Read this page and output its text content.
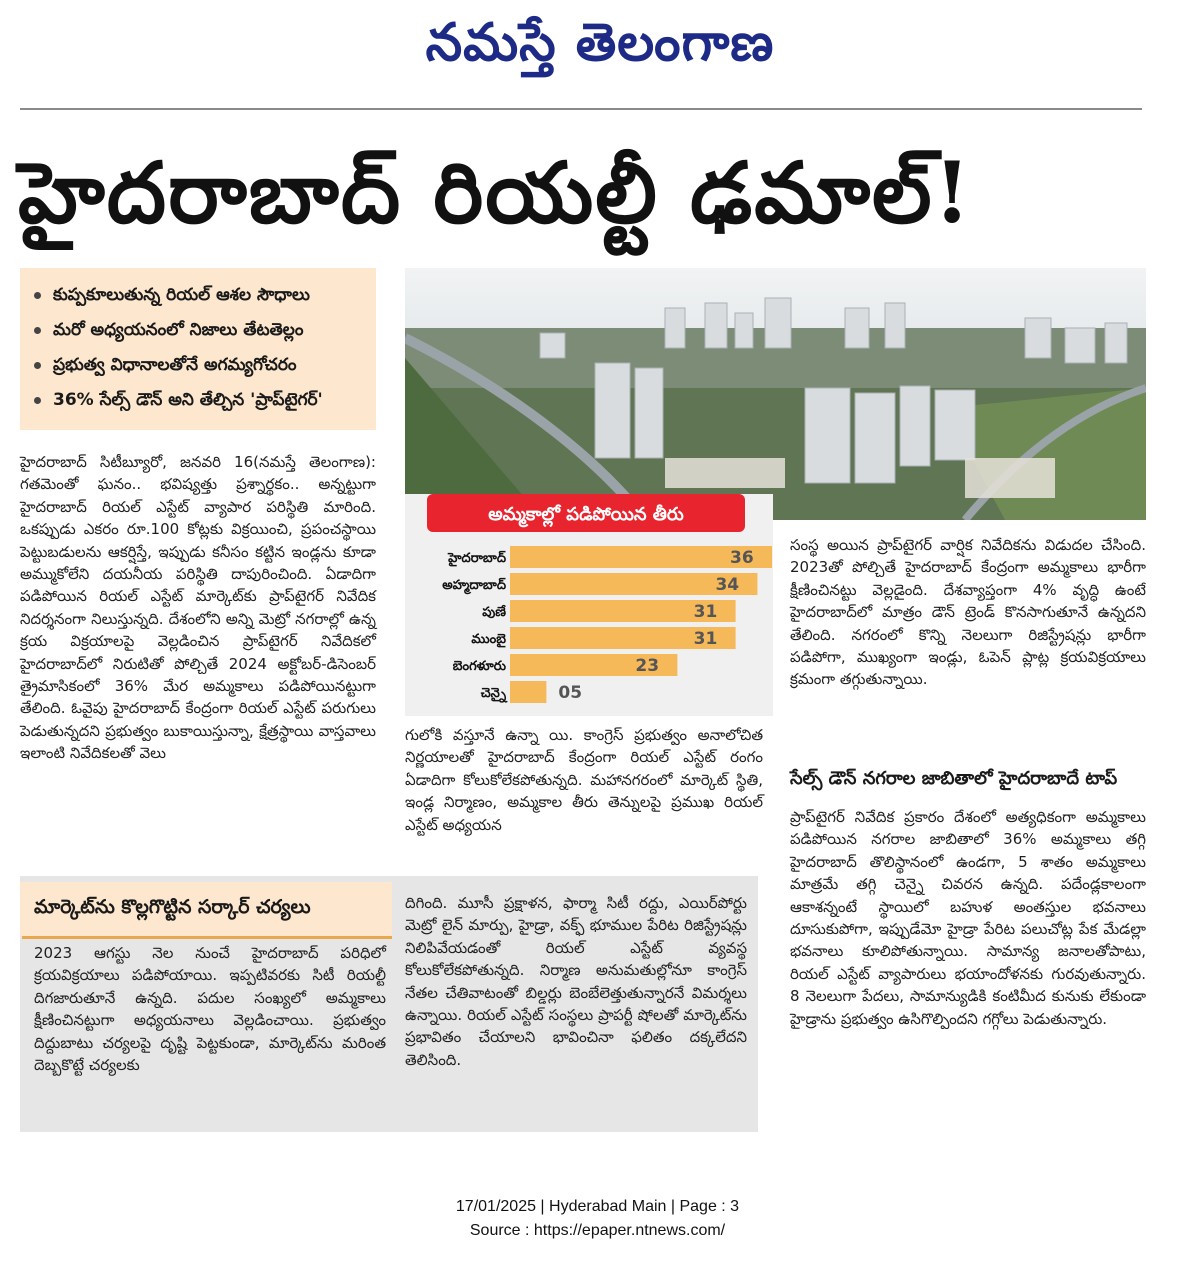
నమస్తే తెలంగాణ
హైదరాబాద్ రియల్టీ ఢమాల్!
కుప్పకూలుతున్న రియల్ ఆశల సౌధాలు
మరో అధ్యయనంలో నిజాలు తేటతెల్లం
ప్రభుత్వ విధానాలతోనే అగమ్యగోచరం
36% సేల్స్ డౌన్ అని తేల్చిన 'ప్రాప్‌టైగర్'

హైదరాబాద్ సిటీబ్యూరో, జనవరి 16(నమస్తే తెలంగాణ): గతమెంతో ఘనం.. భవిష్యత్తు ప్రశ్నార్థకం.. అన్నట్టుగా హైదరాబాద్ రియల్ ఎస్టేట్ వ్యాపార పరిస్థితి మారింది. ఒకప్పుడు ఎకరం రూ.100 కోట్లకు విక్రయించి, ప్రపంచస్థాయి పెట్టుబడులను ఆకర్షిస్తే, ఇప్పుడు కనీసం కట్టిన ఇండ్లను కూడా అమ్ముకోలేని దయనీయ పరిస్థితి దాపురించింది. ఏడాదిగా పడిపోయిన రియల్ ఎస్టేట్ మార్కెట్‌కు ప్రాప్‌టైగర్ నివేదిక నిదర్శనంగా నిలుస్తున్నది. దేశంలోని అన్ని మెట్రో నగరాల్లో ఉన్న క్రయ విక్రయాలపై వెల్లడించిన ప్రాప్‌టైగర్ నివేదికలో హైదరాబాద్‌లో నిరుటితో పోల్చితే 2024 అక్టోబర్-డిసెంబర్ త్రైమాసికంలో 36% మేర అమ్మకాలు పడిపోయినట్టుగా తేలింది. ఓవైపు హైదరాబాద్ కేంద్రంగా రియల్ ఎస్టేట్ పరుగులు పెడుతున్నదని ప్రభుత్వం బుకాయిస్తున్నా, క్షేత్రస్థాయి వాస్తవాలు ఇలాంటి నివేదికలతో వెలు

అమ్మకాల్లో పడిపోయిన తీరు
హైదరాబాద్	36
అహ్మదాబాద్	34
పుణే	31
ముంబై	31
బెంగళూరు	23
చెన్నై	05

గులోకి వస్తూనే ఉన్నా యి. కాంగ్రెస్ ప్రభుత్వం అనాలోచిత నిర్ణయాలతో హైదరాబాద్ కేంద్రంగా రియల్ ఎస్టేట్ రంగం ఏడాదిగా కోలుకోలేకపోతున్నది. మహానగరంలో మార్కెట్ స్థితి, ఇండ్ల నిర్మాణం, అమ్మకాల తీరు తెన్నులపై ప్రముఖ రియల్ ఎస్టేట్ అధ్యయన

మార్కెట్‌ను కొల్లగొట్టిన సర్కార్ చర్యలు

2023 ఆగస్టు నెల నుంచే హైదరాబాద్ పరిధిలో క్రయవిక్రయాలు పడిపోయాయి. ఇప్పటివరకు సిటీ రియల్టీ దిగజారుతూనే ఉన్నది. పదుల సంఖ్యలో అమ్మకాలు క్షీణించినట్టుగా అధ్యయనాలు వెల్లడించాయి. ప్రభుత్వం దిద్దుబాటు చర్యలపై దృష్టి పెట్టకుండా, మార్కెట్‌ను మరింత దెబ్బకొట్టే చర్యలకు

దిగింది. మూసీ ప్రక్షాళన, ఫార్మా సిటీ రద్దు, ఎయిర్‌పోర్టు మెట్రో లైన్ మార్పు, హైడ్రా, వక్ఫ్ భూముల పేరిట రిజిస్ట్రేషన్లు నిలిపివేయడంతో రియల్ ఎస్టేట్ వ్యవస్థ కోలుకోలేకపోతున్నది. నిర్మాణ అనుమతుల్లోనూ కాంగ్రెస్ నేతల చేతివాటంతో బిల్డర్లు బెంబేలెత్తుతున్నారనే విమర్శలు ఉన్నాయి. రియల్ ఎస్టేట్ సంస్థలు ప్రాపర్టీ షోలతో మార్కెట్‌ను ప్రభావితం చేయాలని భావించినా ఫలితం దక్కలేదని తెలిసింది.

సంస్థ అయిన ప్రాప్‌టైగర్ వార్షిక నివేదికను విడుదల చేసింది. 2023తో పోల్చితే హైదరాబాద్ కేంద్రంగా అమ్మకాలు భారీగా క్షీణించినట్టు వెల్లడైంది. దేశవ్యాప్తంగా 4% వృద్ధి ఉంటే హైదరాబాద్‌లో మాత్రం డౌన్ ట్రెండ్ కొనసాగుతూనే ఉన్నదని తేలింది. నగరంలో కొన్ని నెలలుగా రిజిస్ట్రేషన్లు భారీగా పడిపోగా, ముఖ్యంగా ఇండ్లు, ఓపెన్ ప్లాట్ల క్రయవిక్రయాలు క్రమంగా తగ్గుతున్నాయి.

సేల్స్ డౌన్ నగరాల జాబితాలో హైదరాబాదే టాప్

ప్రాప్‌టైగర్ నివేదిక ప్రకారం దేశంలో అత్యధికంగా అమ్మకాలు పడిపోయిన నగరాల జాబితాలో 36% అమ్మకాలు తగ్గి హైదరాబాద్ తొలిస్థానంలో ఉండగా, 5 శాతం అమ్మకాలు మాత్రమే తగ్గి చెన్నై చివరన ఉన్నది. పదేండ్లకాలంగా ఆకాశన్నంటే స్థాయిలో బహుళ అంతస్తుల భవనాలు దూసుకుపోగా, ఇప్పుడేమో హైడ్రా పేరిట పలుచోట్ల పేక మేడల్లా భవనాలు కూలిపోతున్నాయి. సామాన్య జనాలతోపాటు, రియల్ ఎస్టేట్ వ్యాపారులు భయాందోళనకు గురవుతున్నారు. 8 నెలలుగా పేదలు, సామాన్యుడికి కంటిమీద కునుకు లేకుండా హైడ్రాను ప్రభుత్వం ఉసిగొల్పిందని గగ్గోలు పెడుతున్నారు.

17/01/2025 | Hyderabad Main | Page : 3
Source : https://epaper.ntnews.com/
